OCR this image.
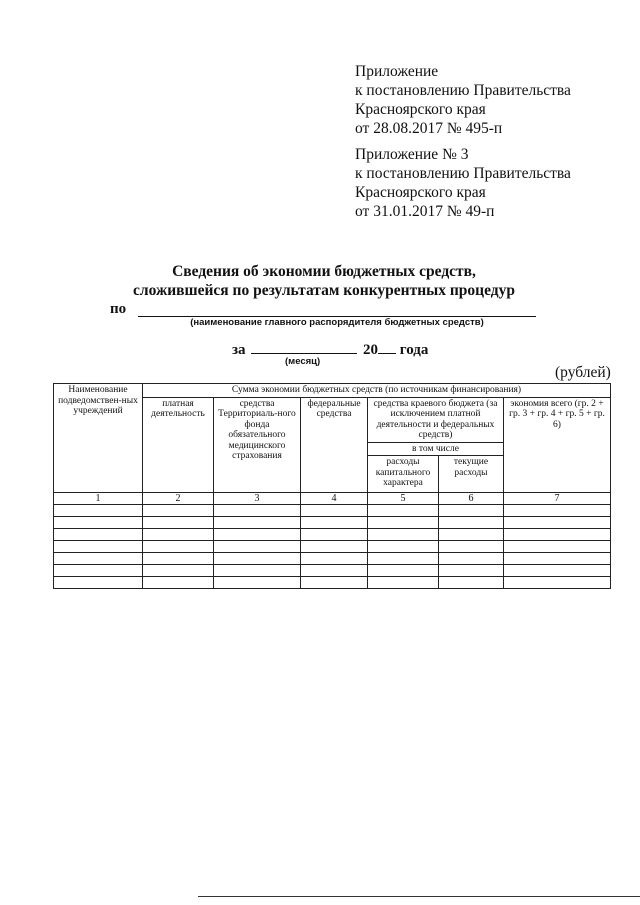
Приложение
к постановлению Правительства
Красноярского края
от 28.08.2017 № 495-п
Приложение № 3
к постановлению Правительства
Красноярского края
от 31.01.2017 № 49-п
Сведения об экономии бюджетных средств,
сложившейся по результатам конкурентных процедур
по
(наименование главного распорядителя бюджетных средств)
за	20 года
(месяц)
(рублей)
Наименование подведомствен-ных учреждений	Сумма экономии бюджетных средств (по источникам финансирования)					
	платная деятельность	средства Территориаль-ного фонда обязательного медицинского страхования	федеральные средства	средства краевого бюджета (за исключением платной деятельности и федеральных средств)		экономия всего (гр. 2 + гр. 3 + гр. 4 + гр. 5 + гр. 6)
				в том числе		
				расходы капитального характера	текущие расходы	
1	2	3	4	5	6	7
